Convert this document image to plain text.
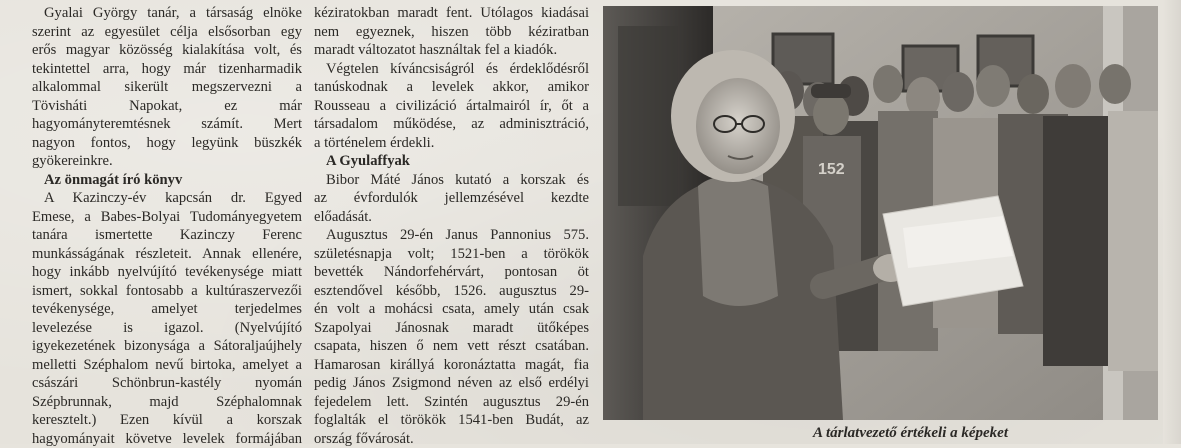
Gyalai György tanár, a társaság elnöke
szerint az egyesület célja elsősorban egy
erős magyar közösség kialakítása volt, és
tekintettel arra, hogy már tizenharmadik
alkalommal sikerült megszervezni a
Tövisháti Napokat, ez már
hagyományteremtésnek számít. Mert
nagyon fontos, hogy legyünk büszkék
gyökereinkre.
Az önmagát író könyv
A Kazinczy-év kapcsán dr. Egyed
Emese, a Babes-Bolyai Tudományegyetem
tanára ismertette Kazinczy Ferenc
munkásságának részleteit. Annak ellenére,
hogy inkább nyelvújító tevékenysége miatt
ismert, sokkal fontosabb a kultúraszervezői
tevékenysége, amelyet terjedelmes
levelezése is igazol. (Nyelvújító
igyekezetének bizonysága a Sátoraljaújhely
melletti Széphalom nevű birtoka, amelyet a
császári Schönbrun-kastély nyomán
Szépbrunnak, majd Széphalomnak
keresztelt.) Ezen kívül a korszak
hagyományait követve levelek formájában
kéziratokban maradt fent. Utólagos kiadásai
nem egyeznek, hiszen több kéziratban
maradt változatot használtak fel a kiadók.
Végtelen kíváncsiságról és érdeklődésről
tanúskodnak a levelek akkor, amikor
Rousseau a civilizáció ártalmairól ír, őt a
társadalom működése, az adminisztráció,
a történelem érdekli.
A Gyulaffyak
Bibor Máté János kutató a korszak és
az évfordulók jellemzésével kezdte
előadását.
Augusztus 29-én Janus Pannonius 575.
születésnapja volt; 1521-ben a törökök
bevették Nándorfehérvárt, pontosan öt
esztendővel később, 1526. augusztus 29-
én volt a mohácsi csata, amely után csak
Szapolyai Jánosnak maradt ütőképes
csapata, hiszen ő nem vett részt csatában.
Hamarosan királlyá koronáztatta magát, fia
pedig János Zsigmond néven az első erdélyi
fejedelem lett. Szintén augusztus 29-én
foglalták el törökök 1541-ben Budát, az
ország fővárosát.
152
A tárlatvezető értékeli a képeket
